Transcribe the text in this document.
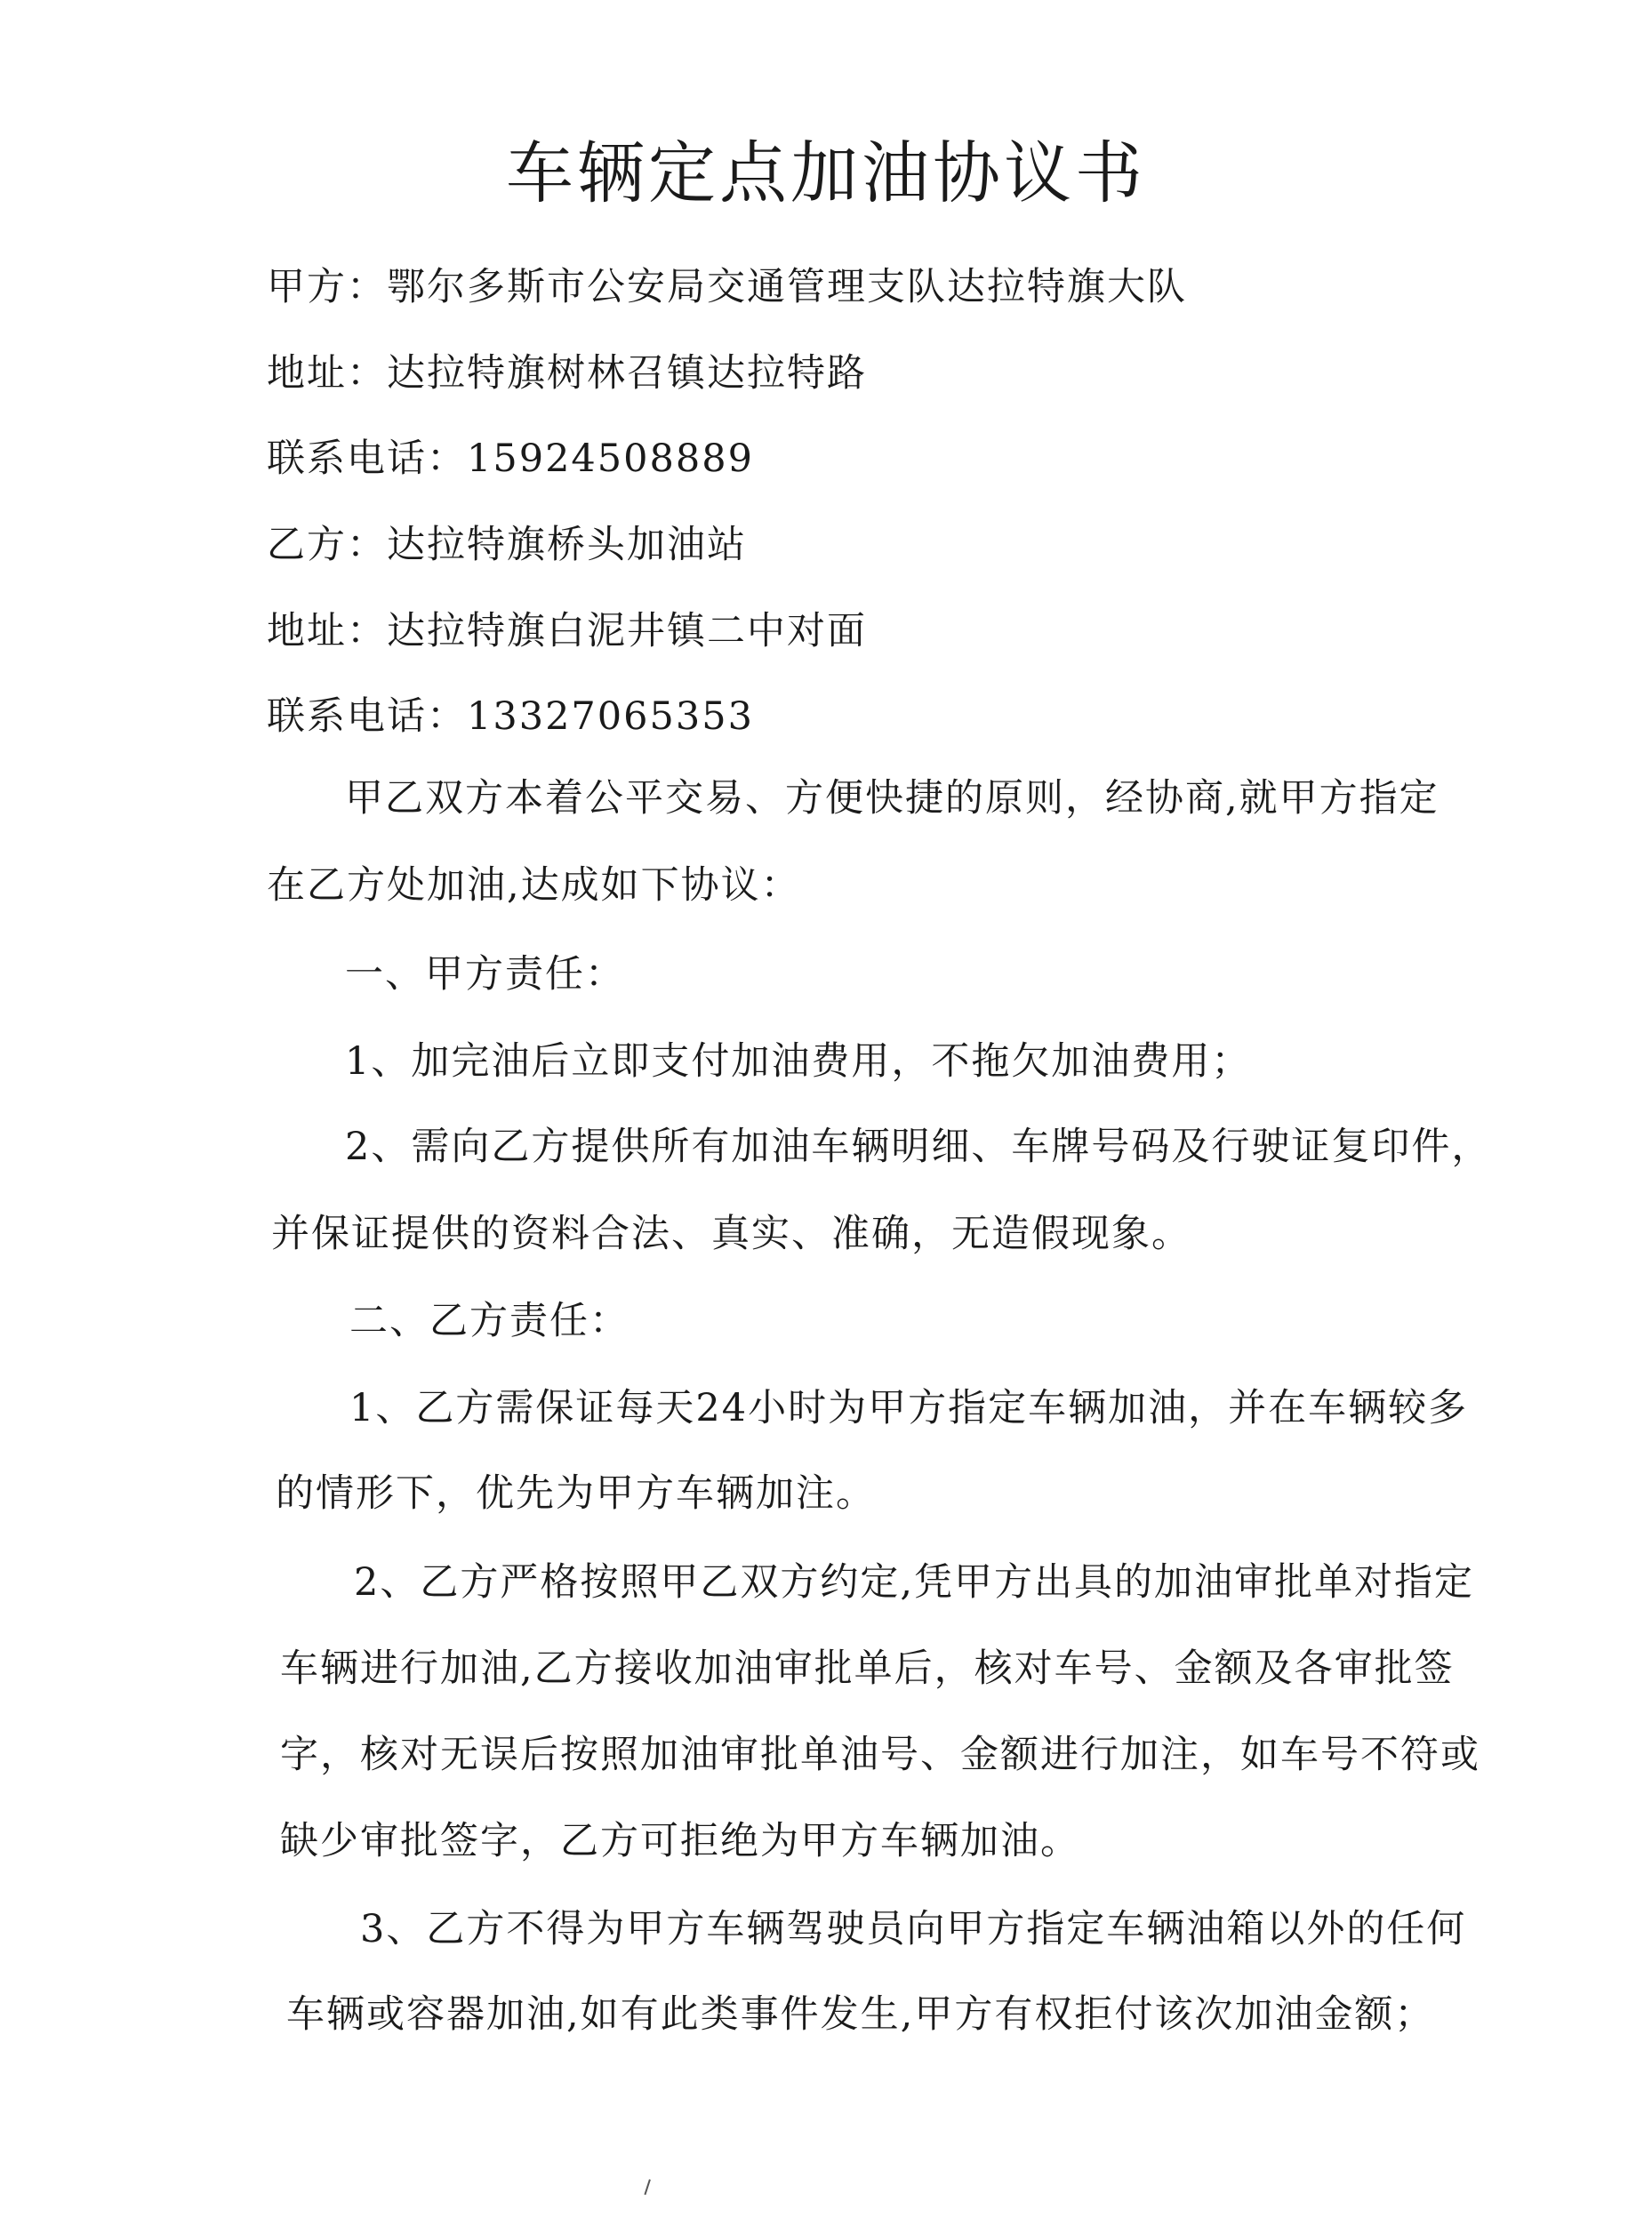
车辆定点加油协议书

甲方：鄂尔多斯市公安局交通管理支队达拉特旗大队

地址：达拉特旗树林召镇达拉特路

联系电话：15924508889

乙方：达拉特旗桥头加油站

地址：达拉特旗白泥井镇二中对面

联系电话：13327065353

甲乙双方本着公平交易、方便快捷的原则，经协商,就甲方指定

在乙方处加油,达成如下协议：

一、甲方责任：

1、加完油后立即支付加油费用，不拖欠加油费用；

2、需向乙方提供所有加油车辆明细、车牌号码及行驶证复印件，

并保证提供的资料合法、真实、准确，无造假现象。

二、乙方责任：

1、乙方需保证每天24小时为甲方指定车辆加油，并在车辆较多

的情形下，优先为甲方车辆加注。

2、乙方严格按照甲乙双方约定,凭甲方出具的加油审批单对指定

车辆进行加油,乙方接收加油审批单后，核对车号、金额及各审批签

字，核对无误后按照加油审批单油号、金额进行加注，如车号不符或

缺少审批签字，乙方可拒绝为甲方车辆加油。

3、乙方不得为甲方车辆驾驶员向甲方指定车辆油箱以外的任何

车辆或容器加油,如有此类事件发生,甲方有权拒付该次加油金额；
